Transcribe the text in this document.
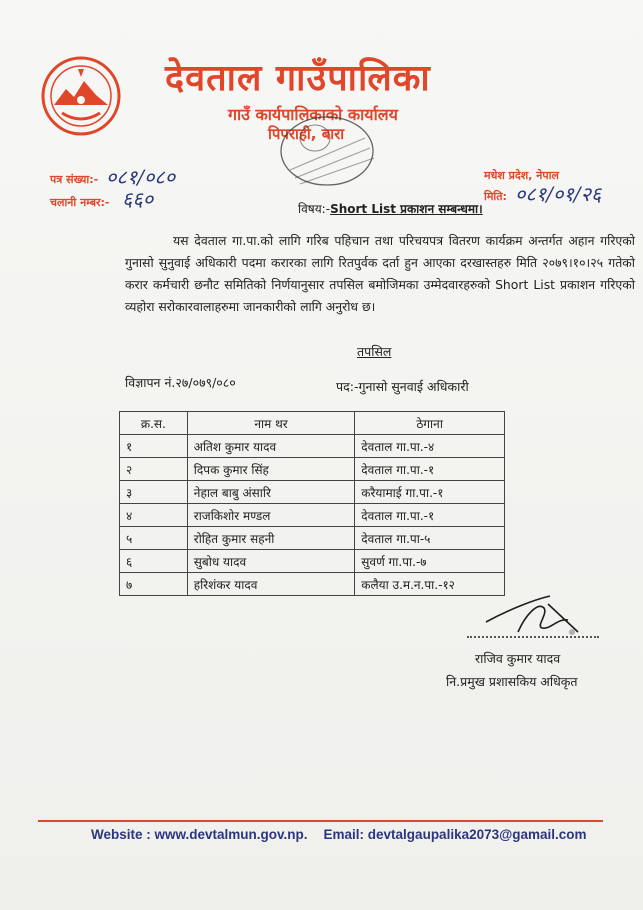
देवताल गाउँपालिका
गाउँ कार्यपालिकाको कार्यालय
पिपराही, बारा
पत्र संख्या:- ०८१/०८०
चलानी नम्बर:- ६६०
मधेश प्रदेश, नेपाल
मिति: ०८१/०१/२६
विषय:-Short List प्रकाशन सम्बन्धमा।

यस देवताल गा.पा.को लागि गरिब पहिचान तथा परिचयपत्र वितरण कार्यक्रम अन्तर्गत अहान गरिएको गुनासो सुनुवाई अधिकारी पदमा करारका लागि रितपुर्वक दर्ता हुन आएका दरखास्तहरु मिति २०७९।१०।२५ गतेको करार कर्मचारी छनौट समितिको निर्णयानुसार तपसिल बमोजिमका उम्मेदवारहरुको Short List प्रकाशन गरिएको व्यहोरा सरोकारवालाहरुमा जानकारीको लागि अनुरोध छ।

तपसिल
विज्ञापन नं.२७/०७९/०८०	पद:-गुनासो सुनवाई अधिकारी
क्र.स.	नाम थर	ठेगाना
१	अतिश कुमार यादव	देवताल गा.पा.-४
२	दिपक कुमार सिंह	देवताल गा.पा.-१
३	नेहाल बाबु अंसारि	करैयामाई गा.पा.-१
४	राजकिशोर मण्डल	देवताल गा.पा.-१
५	रोहित कुमार सहनी	देवताल गा.पा-५
६	सुबोध यादव	सुवर्ण गा.पा.-७
७	हरिशंकर यादव	कलैया उ.म.न.पा.-१२
राजिव कुमार यादव
नि.प्रमुख प्रशासकिय अधिकृत
Website : www.devtalmun.gov.np. Email: devtalgaupalika2073@gamail.com
